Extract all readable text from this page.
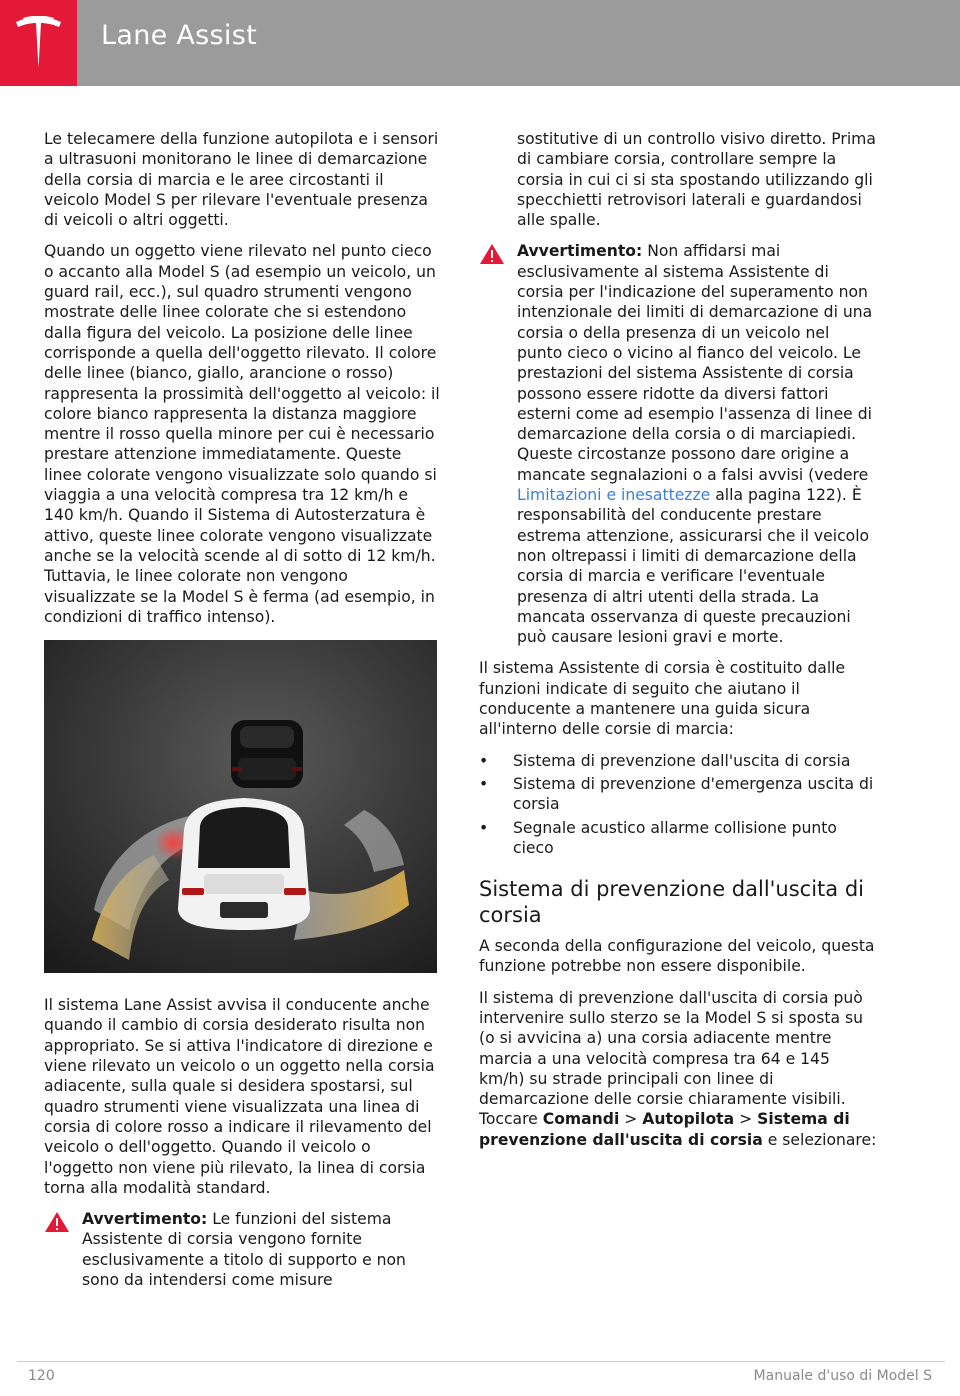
Lane Assist

Le telecamere della funzione autopilota e i sensori a ultrasuoni monitorano le linee di demarcazione della corsia di marcia e le aree circostanti il veicolo Model S per rilevare l'eventuale presenza di veicoli o altri oggetti.

Quando un oggetto viene rilevato nel punto cieco o accanto alla Model S (ad esempio un veicolo, un guard rail, ecc.), sul quadro strumenti vengono mostrate delle linee colorate che si estendono dalla figura del veicolo. La posizione delle linee corrisponde a quella dell'oggetto rilevato. Il colore delle linee (bianco, giallo, arancione o rosso) rappresenta la prossimità dell'oggetto al veicolo: il colore bianco rappresenta la distanza maggiore mentre il rosso quella minore per cui è necessario prestare attenzione immediatamente. Queste linee colorate vengono visualizzate solo quando si viaggia a una velocità compresa tra 12 km/h e 140 km/h. Quando il Sistema di Autosterzatura è attivo, queste linee colorate vengono visualizzate anche se la velocità scende al di sotto di 12 km/h. Tuttavia, le linee colorate non vengono visualizzate se la Model S è ferma (ad esempio, in condizioni di traffico intenso).

Il sistema Lane Assist avvisa il conducente anche quando il cambio di corsia desiderato risulta non appropriato. Se si attiva l'indicatore di direzione e viene rilevato un veicolo o un oggetto nella corsia adiacente, sulla quale si desidera spostarsi, sul quadro strumenti viene visualizzata una linea di corsia di colore rosso a indicare il rilevamento del veicolo o dell'oggetto. Quando il veicolo o l'oggetto non viene più rilevato, la linea di corsia torna alla modalità standard.

Avvertimento: Le funzioni del sistema Assistente di corsia vengono fornite esclusivamente a titolo di supporto e non sono da intendersi come misure
sostitutive di un controllo visivo diretto. Prima di cambiare corsia, controllare sempre la corsia in cui ci si sta spostando utilizzando gli specchietti retrovisori laterali e guardandosi alle spalle.
Avvertimento: Non affidarsi mai esclusivamente al sistema Assistente di corsia per l'indicazione del superamento non intenzionale dei limiti di demarcazione di una corsia o della presenza di un veicolo nel punto cieco o vicino al fianco del veicolo. Le prestazioni del sistema Assistente di corsia possono essere ridotte da diversi fattori esterni come ad esempio l'assenza di linee di demarcazione della corsia o di marciapiedi. Queste circostanze possono dare origine a mancate segnalazioni o a falsi avvisi (vedere Limitazioni e inesattezze alla pagina 122). È responsabilità del conducente prestare estrema attenzione, assicurarsi che il veicolo non oltrepassi i limiti di demarcazione della corsia di marcia e verificare l'eventuale presenza di altri utenti della strada. La mancata osservanza di queste precauzioni può causare lesioni gravi e morte.

Il sistema Assistente di corsia è costituito dalle funzioni indicate di seguito che aiutano il conducente a mantenere una guida sicura all'interno delle corsie di marcia:

• Sistema di prevenzione dall'uscita di corsia
• Sistema di prevenzione d'emergenza uscita di corsia
• Segnale acustico allarme collisione punto cieco
Sistema di prevenzione dall'uscita di corsia

A seconda della configurazione del veicolo, questa funzione potrebbe non essere disponibile.

Il sistema di prevenzione dall'uscita di corsia può intervenire sullo sterzo se la Model S si sposta su (o si avvicina a) una corsia adiacente mentre marcia a una velocità compresa tra 64 e 145 km/h) su strade principali con linee di demarcazione delle corsie chiaramente visibili. Toccare Comandi > Autopilota > Sistema di prevenzione dall'uscita di corsia e selezionare:

120	Manuale d'uso di Model S
